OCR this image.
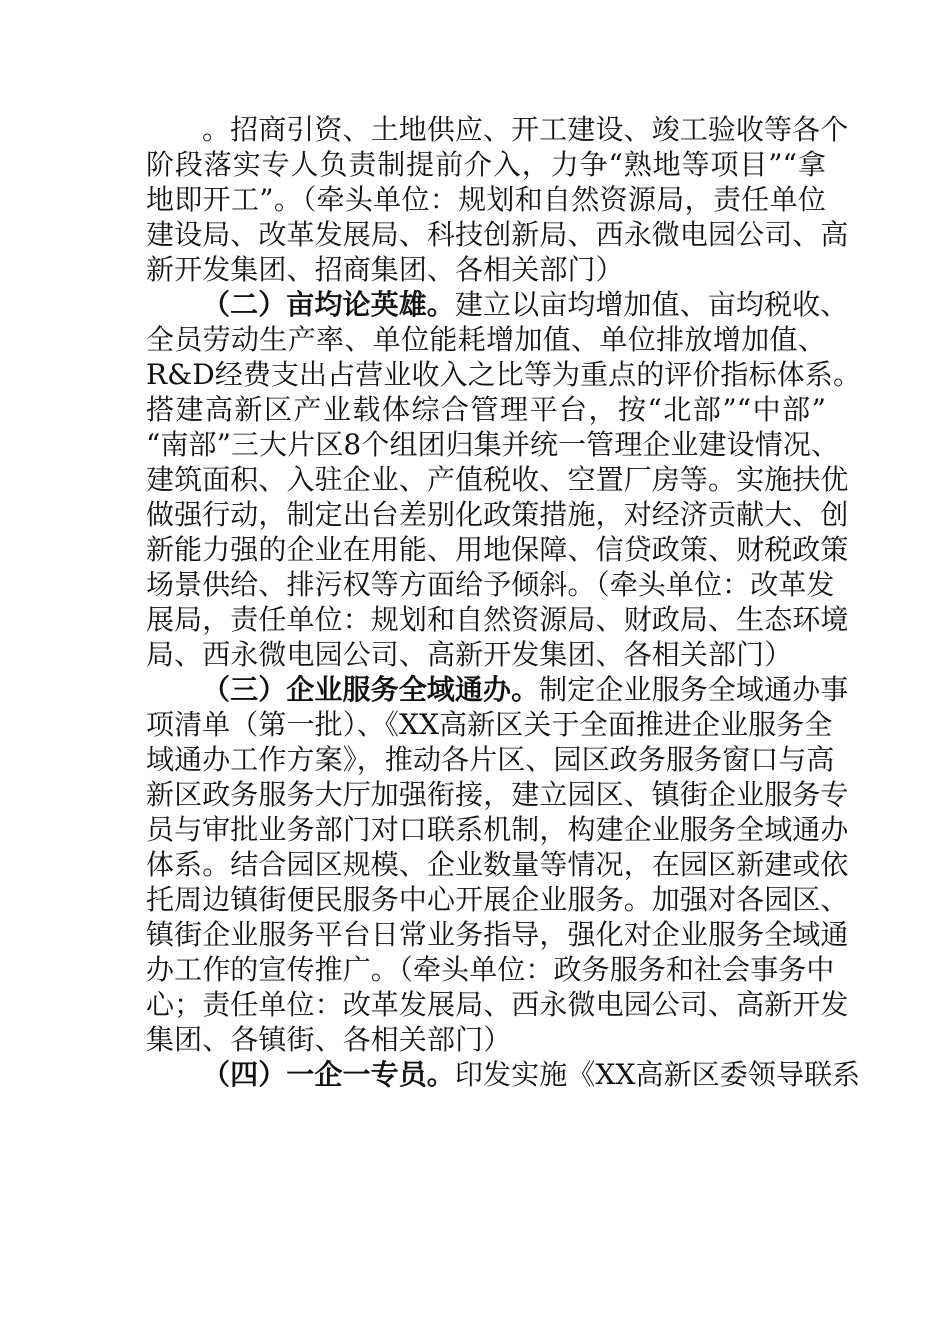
。招商引资、土地供应、开工建设、竣工验收等各个
阶段落实专人负责制提前介入，力争“熟地等项目”“拿
地即开工”。（牵头单位：规划和自然资源局，责任单位
建设局、改革发展局、科技创新局、西永微电园公司、高
新开发集团、招商集团、各相关部门）
（二）亩均论英雄。建立以亩均增加值、亩均税收、
全员劳动生产率、单位能耗增加值、单位排放增加值、
R&D经费支出占营业收入之比等为重点的评价指标体系。
搭建高新区产业载体综合管理平台，按“北部”“中部”
“南部”三大片区8个组团归集并统一管理企业建设情况、
建筑面积、入驻企业、产值税收、空置厂房等。实施扶优
做强行动，制定出台差别化政策措施，对经济贡献大、创
新能力强的企业在用能、用地保障、信贷政策、财税政策
场景供给、排污权等方面给予倾斜。（牵头单位：改革发
展局，责任单位：规划和自然资源局、财政局、生态环境
局、西永微电园公司、高新开发集团、各相关部门）
（三）企业服务全域通办。制定企业服务全域通办事
项清单（第一批）、《XX高新区关于全面推进企业服务全
域通办工作方案》，推动各片区、园区政务服务窗口与高
新区政务服务大厅加强衔接，建立园区、镇街企业服务专
员与审批业务部门对口联系机制，构建企业服务全域通办
体系。结合园区规模、企业数量等情况，在园区新建或依
托周边镇街便民服务中心开展企业服务。加强对各园区、
镇街企业服务平台日常业务指导，强化对企业服务全域通
办工作的宣传推广。（牵头单位：政务服务和社会事务中
心；责任单位：改革发展局、西永微电园公司、高新开发
集团、各镇街、各相关部门）
（四）一企一专员。印发实施《XX高新区委领导联系
